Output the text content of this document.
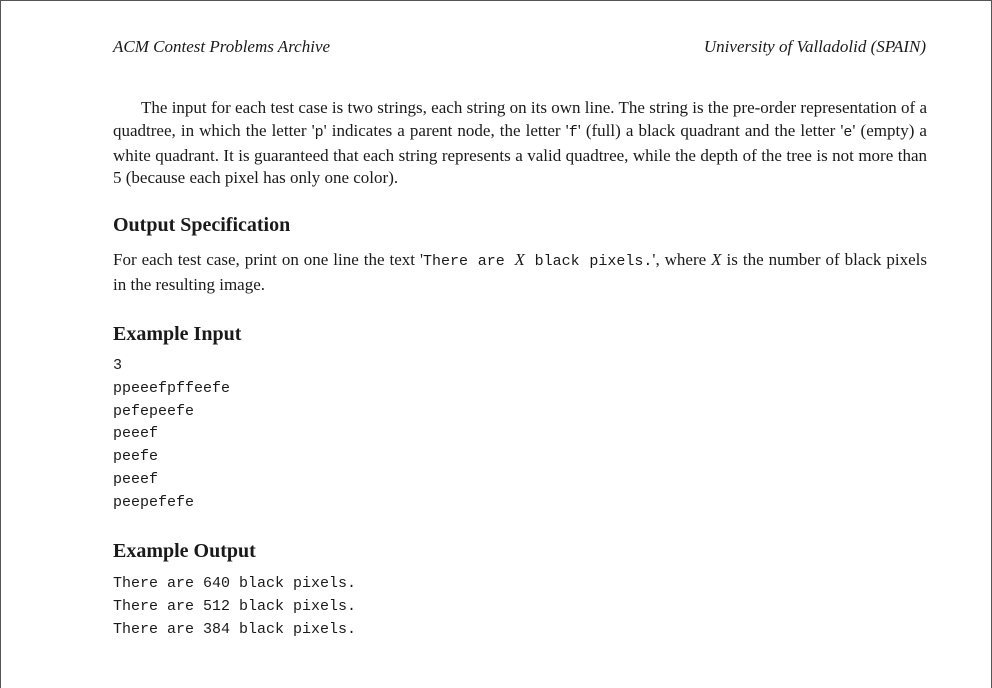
ACM Contest Problems Archive	University of Valladolid (SPAIN)

The input for each test case is two strings, each string on its own line. The string is the pre-order representation of a quadtree, in which the letter 'p' indicates a parent node, the letter 'f' (full) a black quadrant and the letter 'e' (empty) a white quadrant. It is guaranteed that each string represents a valid quadtree, while the depth of the tree is not more than 5 (because each pixel has only one color).

Output Specification

For each test case, print on one line the text 'There are X black pixels.', where X is the number of black pixels in the resulting image.

Example Input
3
ppeeefpffeefe
pefepeefe
peeef
peefe
peeef
peepefefe
Example Output
There are 640 black pixels.
There are 512 black pixels.
There are 384 black pixels.
